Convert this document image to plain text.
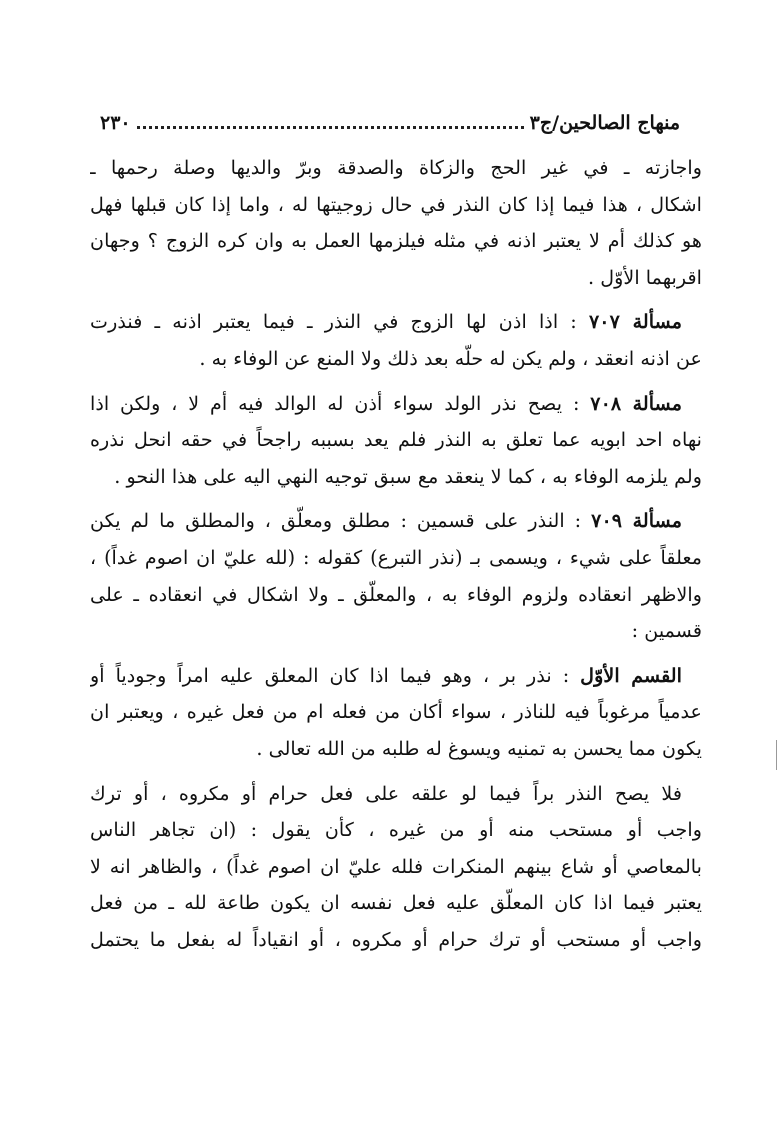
منهاج الصالحين/ج٣
٢٣٠
واجازته ـ في غير الحج والزكاة والصدقة وبرّ والديها وصلة رحمها ـ
اشكال ، هذا فيما إذا كان النذر في حال زوجيتها له ، واما إذا كان قبلها فهل
هو كذلك أم لا يعتبر اذنه في مثله فيلزمها العمل به وان كره الزوج ؟ وجهان
اقربهما الأوّل .
مسألة ٧٠٧ : اذا اذن لها الزوج في النذر ـ فيما يعتبر اذنه ـ فنذرت
عن اذنه انعقد ، ولم يكن له حلّه بعد ذلك ولا المنع عن الوفاء به .
مسألة ٧٠٨ : يصح نذر الولد سواء أذن له الوالد فيه أم لا ، ولكن اذا
نهاه احد ابويه عما تعلق به النذر فلم يعد بسببه راجحاً في حقه انحل نذره
ولم يلزمه الوفاء به ، كما لا ينعقد مع سبق توجيه النهي اليه على هذا النحو .
مسألة ٧٠٩ : النذر على قسمين : مطلق ومعلّق ، والمطلق ما لم يكن
معلقاً على شيء ، ويسمى بـ (نذر التبرع) كقوله : (لله عليّ ان اصوم غداً) ،
والاظهر انعقاده ولزوم الوفاء به ، والمعلّق ـ ولا اشكال في انعقاده ـ على
قسمين :
القسم الأوّل : نذر بر ، وهو فيما اذا كان المعلق عليه امراً وجودياً أو
عدمياً مرغوباً فيه للناذر ، سواء أكان من فعله ام من فعل غيره ، ويعتبر ان
يكون مما يحسن به تمنيه ويسوغ له طلبه من الله تعالى .
فلا يصح النذر براً فيما لو علقه على فعل حرام أو مكروه ، أو ترك
واجب أو مستحب منه أو من غيره ، كأن يقول : (ان تجاهر الناس
بالمعاصي أو شاع بينهم المنكرات فلله عليّ ان اصوم غداً) ، والظاهر انه لا
يعتبر فيما اذا كان المعلّق عليه فعل نفسه ان يكون طاعة لله ـ من فعل
واجب أو مستحب أو ترك حرام أو مكروه ، أو انقياداً له بفعل ما يحتمل
